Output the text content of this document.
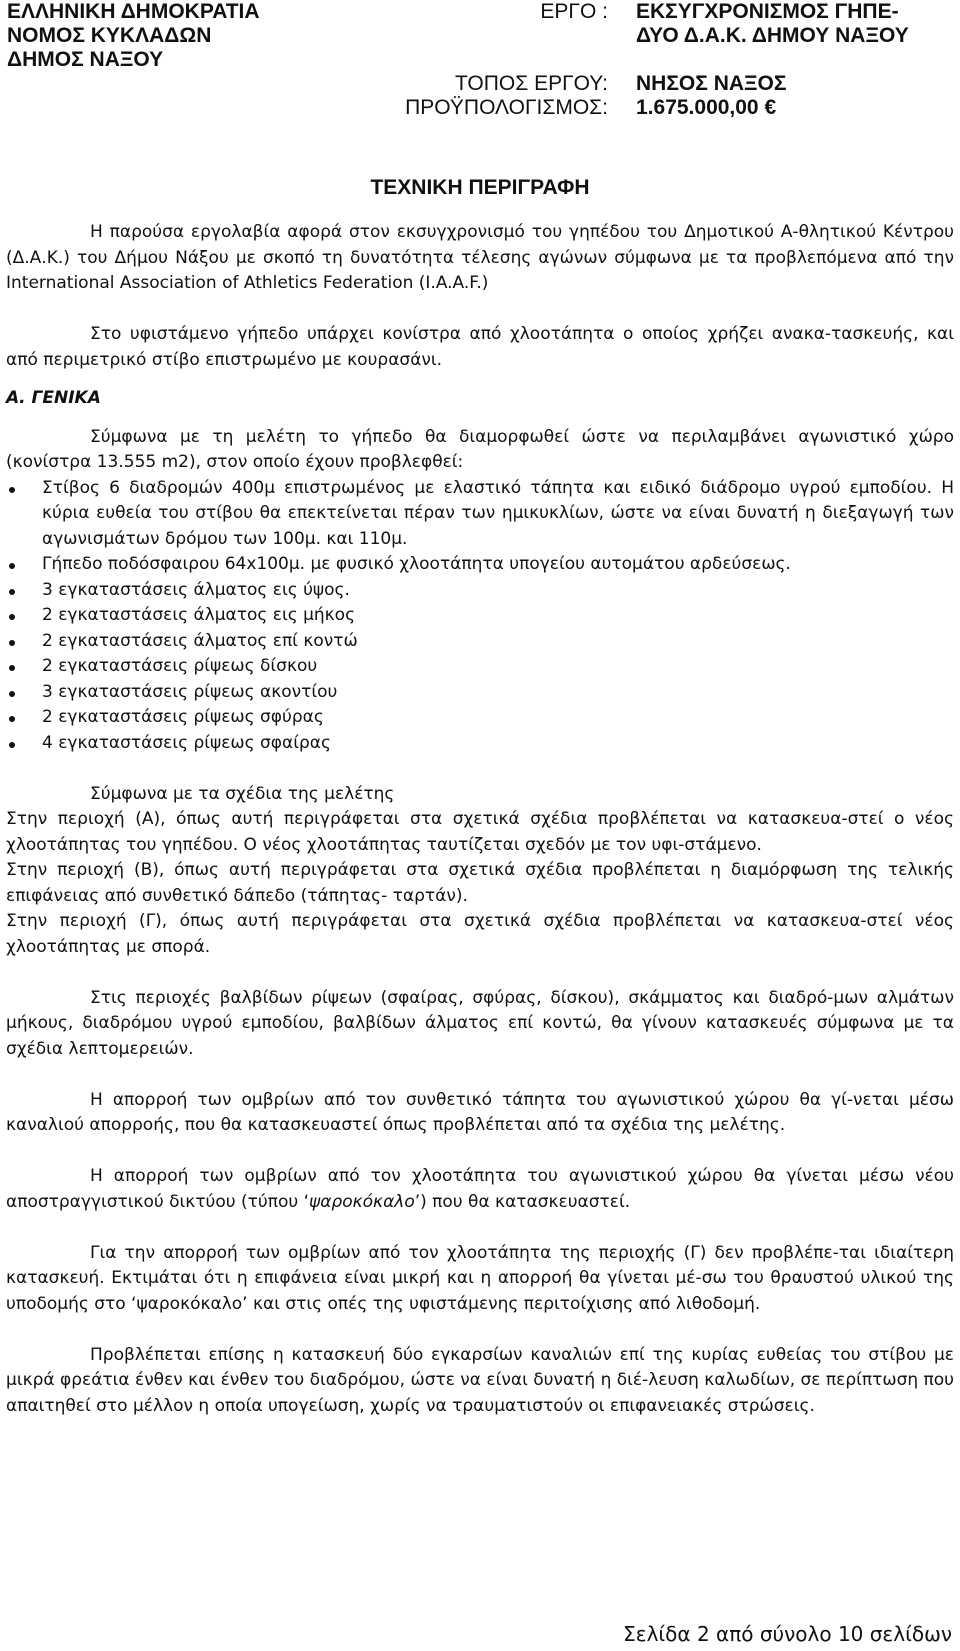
ΕΛΛΗΝΙΚΗ ΔΗΜΟΚΡΑΤΙΑ
ΝΟΜΟΣ ΚΥΚΛΑΔΩΝ
ΔΗΜΟΣ ΝΑΞΟΥ
ΕΡΓΟ :
ΤΟΠΟΣ ΕΡΓΟΥ:
ΠΡΟΫΠΟΛΟΓΙΣΜΟΣ:
ΕΚΣΥΓΧΡΟΝΙΣΜΟΣ ΓΗΠΕ-
ΔΥΟ Δ.Α.Κ. ΔΗΜΟΥ ΝΑΞΟΥ
ΝΗΣΟΣ ΝΑΞΟΣ
1.675.000,00 €
ΤΕΧΝΙΚΗ ΠΕΡΙΓΡΑΦΗ

Η παρούσα εργολαβία αφορά στον εκσυγχρονισμό του γηπέδου του Δημοτικού Α-θλητικού Κέντρου (Δ.Α.Κ.) του Δήμου Νάξου με σκοπό τη δυνατότητα τέλεσης αγώνων σύμφωνα με τα προβλεπόμενα από την International Association of Athletics Federation (I.A.A.F.)

Στο υφιστάμενο γήπεδο υπάρχει κονίστρα από χλοοτάπητα ο οποίος χρήζει ανακα-τασκευής, και από περιμετρικό στίβο επιστρωμένο με κουρασάνι.

Α. ΓΕΝΙΚΑ

Σύμφωνα με τη μελέτη το γήπεδο θα διαμορφωθεί ώστε να περιλαμβάνει αγωνιστικό χώρο (κονίστρα 13.555 m2), στον οποίο έχουν προβλεφθεί:

Στίβος 6 διαδρομών 400μ επιστρωμένος με ελαστικό τάπητα και ειδικό διάδρομο υγρού εμποδίου. Η κύρια ευθεία του στίβου θα επεκτείνεται πέραν των ημικυκλίων, ώστε να είναι δυνατή η διεξαγωγή των αγωνισμάτων δρόμου των 100μ. και 110μ.
Γήπεδο ποδόσφαιρου 64x100μ. με φυσικό χλοοτάπητα υπογείου αυτομάτου αρδεύσεως.
3 εγκαταστάσεις άλματος εις ύψος.
2 εγκαταστάσεις άλματος εις μήκος
2 εγκαταστάσεις άλματος επί κοντώ
2 εγκαταστάσεις ρίψεως δίσκου
3 εγκαταστάσεις ρίψεως ακοντίου
2 εγκαταστάσεις ρίψεως σφύρας
4 εγκαταστάσεις ρίψεως σφαίρας

Σύμφωνα με τα σχέδια της μελέτης

Στην περιοχή (Α), όπως αυτή περιγράφεται στα σχετικά σχέδια προβλέπεται να κατασκευα-στεί ο νέος χλοοτάπητας του γηπέδου. Ο νέος χλοοτάπητας ταυτίζεται σχεδόν με τον υφι-στάμενο.

Στην περιοχή (Β), όπως αυτή περιγράφεται στα σχετικά σχέδια προβλέπεται η διαμόρφωση της τελικής επιφάνειας από συνθετικό δάπεδο (τάπητας- ταρτάν).

Στην περιοχή (Γ), όπως αυτή περιγράφεται στα σχετικά σχέδια προβλέπεται να κατασκευα-στεί νέος χλοοτάπητας με σπορά.

Στις περιοχές βαλβίδων ρίψεων (σφαίρας, σφύρας, δίσκου), σκάμματος και διαδρό-μων αλμάτων μήκους, διαδρόμου υγρού εμποδίου, βαλβίδων άλματος επί κοντώ, θα γίνουν κατασκευές σύμφωνα με τα σχέδια λεπτομερειών.

Η απορροή των ομβρίων από τον συνθετικό τάπητα του αγωνιστικού χώρου θα γί-νεται μέσω καναλιού απορροής, που θα κατασκευαστεί όπως προβλέπεται από τα σχέδια της μελέτης.

Η απορροή των ομβρίων από τον χλοοτάπητα του αγωνιστικού χώρου θα γίνεται μέσω νέου αποστραγγιστικού δικτύου (τύπου ‘ψαροκόκαλο’) που θα κατασκευαστεί.

Για την απορροή των ομβρίων από τον χλοοτάπητα της περιοχής (Γ) δεν προβλέπε-ται ιδιαίτερη κατασκευή. Εκτιμάται ότι η επιφάνεια είναι μικρή και η απορροή θα γίνεται μέ-σω του θραυστού υλικού της υποδομής στο ‘ψαροκόκαλο’ και στις οπές της υφιστάμενης περιτοίχισης από λιθοδομή.

Προβλέπεται επίσης η κατασκευή δύο εγκαρσίων καναλιών επί της κυρίας ευθείας του στίβου με μικρά φρεάτια ένθεν και ένθεν του διαδρόμου, ώστε να είναι δυνατή η διέ-λευση καλωδίων, σε περίπτωση που απαιτηθεί στο μέλλον η οποία υπογείωση, χωρίς να τραυματιστούν οι επιφανειακές στρώσεις.

Σελίδα 2 από σύνολο 10 σελίδων
